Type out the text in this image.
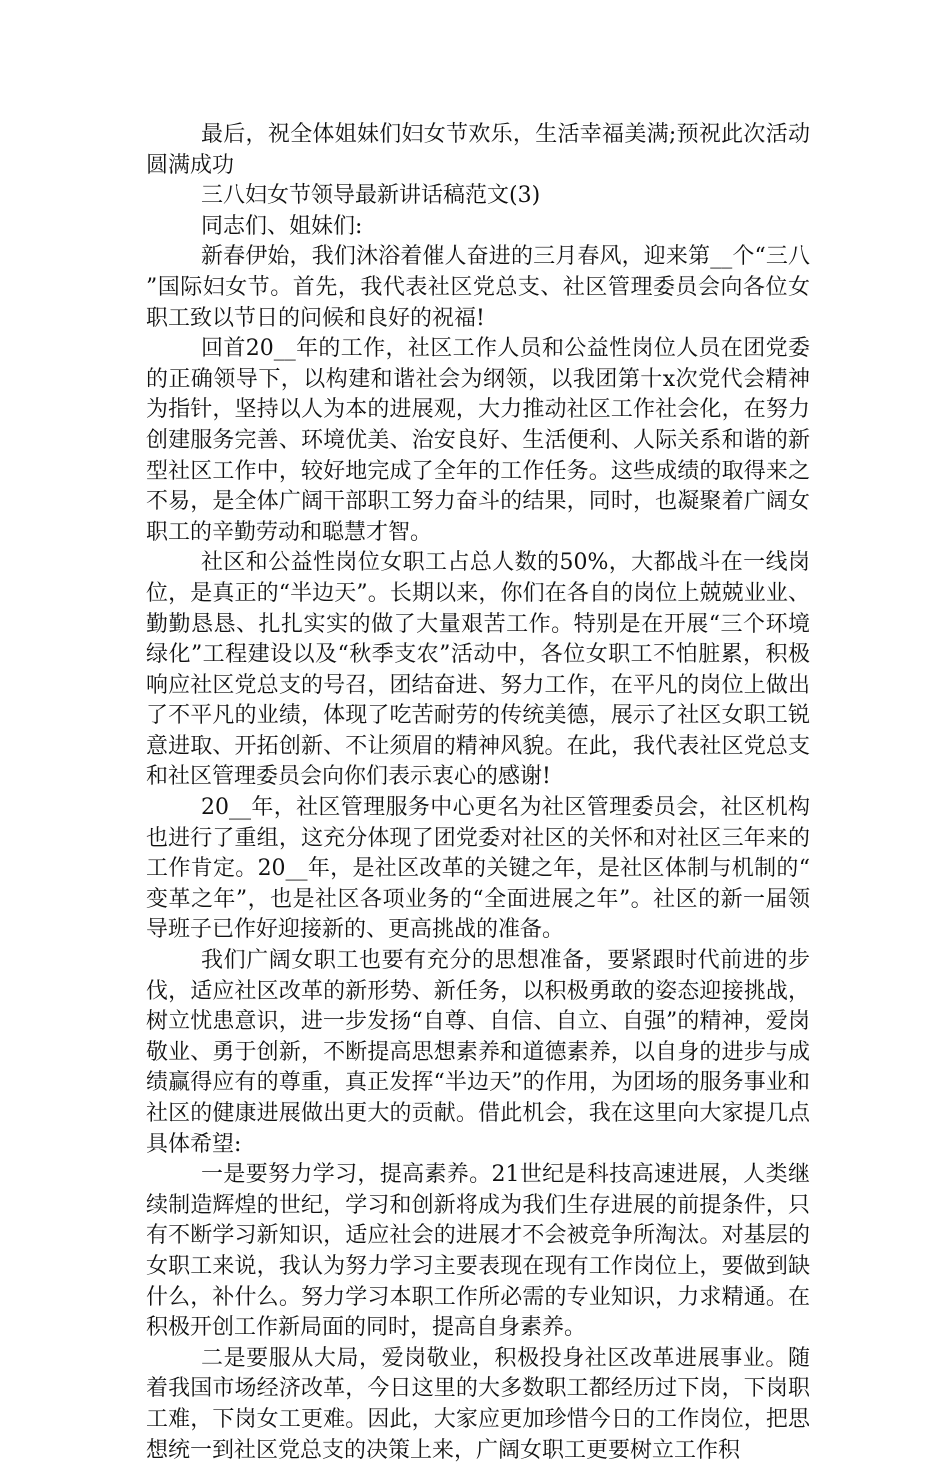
最后，祝全体姐妹们妇女节欢乐，生活幸福美满;预祝此次活动圆满成功

三八妇女节领导最新讲话稿范文(3)

同志们、姐妹们:

新春伊始，我们沐浴着催人奋进的三月春风，迎来第__个“三八”国际妇女节。首先，我代表社区党总支、社区管理委员会向各位女职工致以节日的问候和良好的祝福!

回首20__年的工作，社区工作人员和公益性岗位人员在团党委的正确领导下，以构建和谐社会为纲领，以我团第十x次党代会精神为指针，坚持以人为本的进展观，大力推动社区工作社会化，在努力创建服务完善、环境优美、治安良好、生活便利、人际关系和谐的新型社区工作中，较好地完成了全年的工作任务。这些成绩的取得来之不易，是全体广阔干部职工努力奋斗的结果，同时，也凝聚着广阔女职工的辛勤劳动和聪慧才智。

社区和公益性岗位女职工占总人数的50%，大都战斗在一线岗位，是真正的“半边天”。长期以来，你们在各自的岗位上兢兢业业、勤勤恳恳、扎扎实实的做了大量艰苦工作。特别是在开展“三个环境绿化”工程建设以及“秋季支农”活动中，各位女职工不怕脏累，积极响应社区党总支的号召，团结奋进、努力工作，在平凡的岗位上做出了不平凡的业绩，体现了吃苦耐劳的传统美德，展示了社区女职工锐意进取、开拓创新、不让须眉的精神风貌。在此，我代表社区党总支和社区管理委员会向你们表示衷心的感谢!

20__年，社区管理服务中心更名为社区管理委员会，社区机构也进行了重组，这充分体现了团党委对社区的关怀和对社区三年来的工作肯定。20__年，是社区改革的关键之年，是社区体制与机制的“变革之年”，也是社区各项业务的“全面进展之年”。社区的新一届领导班子已作好迎接新的、更高挑战的准备。

我们广阔女职工也要有充分的思想准备，要紧跟时代前进的步伐，适应社区改革的新形势、新任务，以积极勇敢的姿态迎接挑战，树立忧患意识，进一步发扬“自尊、自信、自立、自强”的精神，爱岗敬业、勇于创新，不断提高思想素养和道德素养，以自身的进步与成绩赢得应有的尊重，真正发挥“半边天”的作用，为团场的服务事业和社区的健康进展做出更大的贡献。借此机会，我在这里向大家提几点具体希望:

一是要努力学习，提高素养。21世纪是科技高速进展，人类继续制造辉煌的世纪，学习和创新将成为我们生存进展的前提条件，只有不断学习新知识，适应社会的进展才不会被竞争所淘汰。对基层的女职工来说，我认为努力学习主要表现在现有工作岗位上，要做到缺什么，补什么。努力学习本职工作所必需的专业知识，力求精通。在积极开创工作新局面的同时，提高自身素养。

二是要服从大局，爱岗敬业，积极投身社区改革进展事业。随着我国市场经济改革，今日这里的大多数职工都经历过下岗，下岗职工难，下岗女工更难。因此，大家应更加珍惜今日的工作岗位，把思想统一到社区党总支的决策上来，广阔女职工更要树立工作积
